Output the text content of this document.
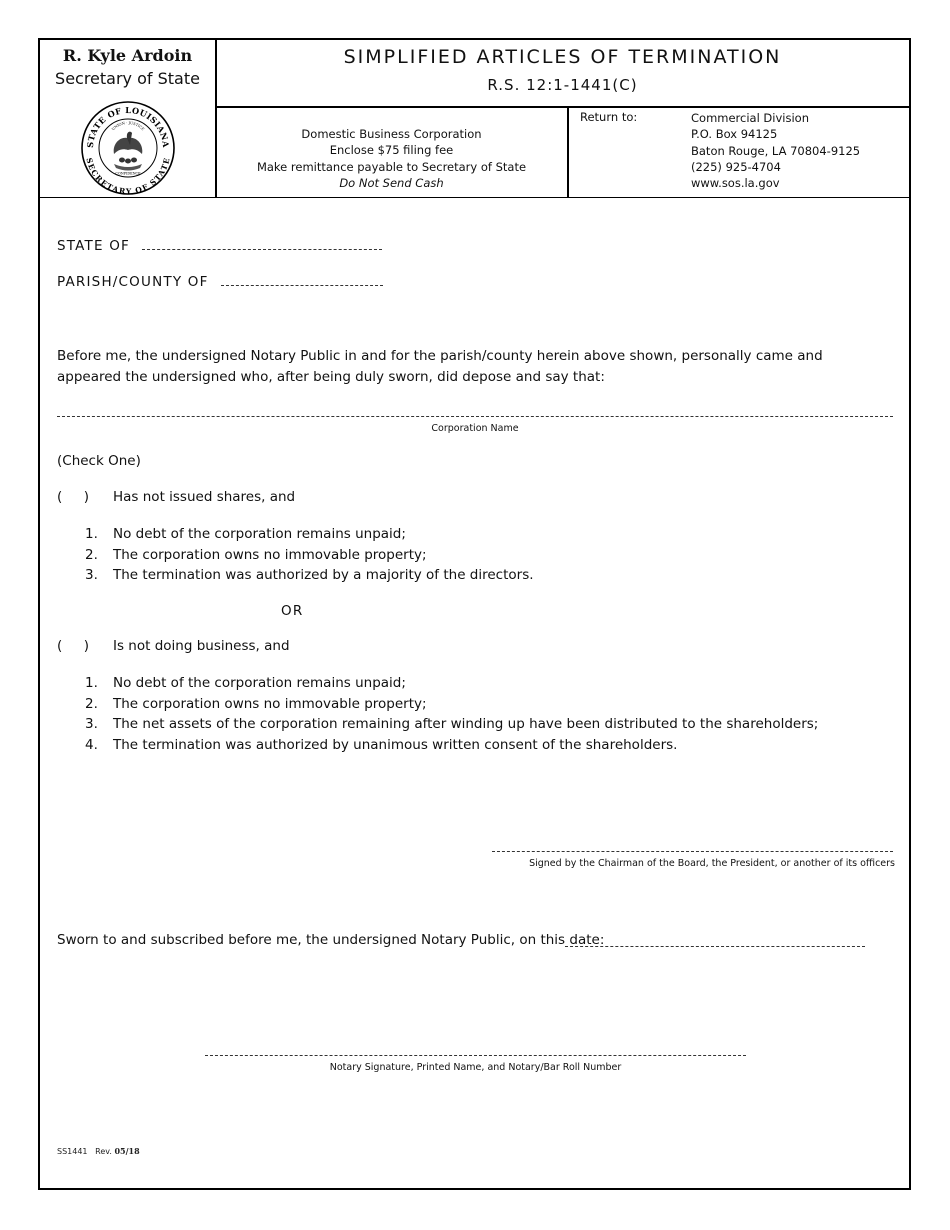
R. Kyle Ardoin
Secretary of State
STATE OF LOUISIANA
SECRETARY OF STATE
UNION · JUSTICE
CONFIDENCE
SIMPLIFIED ARTICLES OF TERMINATION
R.S. 12:1-1441(C)
Domestic Business Corporation
Enclose $75 filing fee
Make remittance payable to Secretary of State
Do Not Send Cash
Return to:	Commercial Division
P.O. Box 94125
Baton Rouge, LA 70804-9125
(225) 925-4704
www.sos.la.gov
STATE OF
PARISH/COUNTY OF
Before me, the undersigned Notary Public in and for the parish/county herein above shown, personally came and appeared the undersigned who, after being duly sworn, did depose and say that:
Corporation Name
(Check One)
(     ) Has not issued shares, and
1. No debt of the corporation remains unpaid;
2. The corporation owns no immovable property;
3. The termination was authorized by a majority of the directors.
OR
(     ) Is not doing business, and
1. No debt of the corporation remains unpaid;
2. The corporation owns no immovable property;
3. The net assets of the corporation remaining after winding up have been distributed to the shareholders;
4. The termination was authorized by unanimous written consent of the shareholders.
Signed by the Chairman of the Board, the President, or another of its officers
Sworn to and subscribed before me, the undersigned Notary Public, on this date:
Notary Signature, Printed Name, and Notary/Bar Roll Number
SS1441 Rev. 05/18
